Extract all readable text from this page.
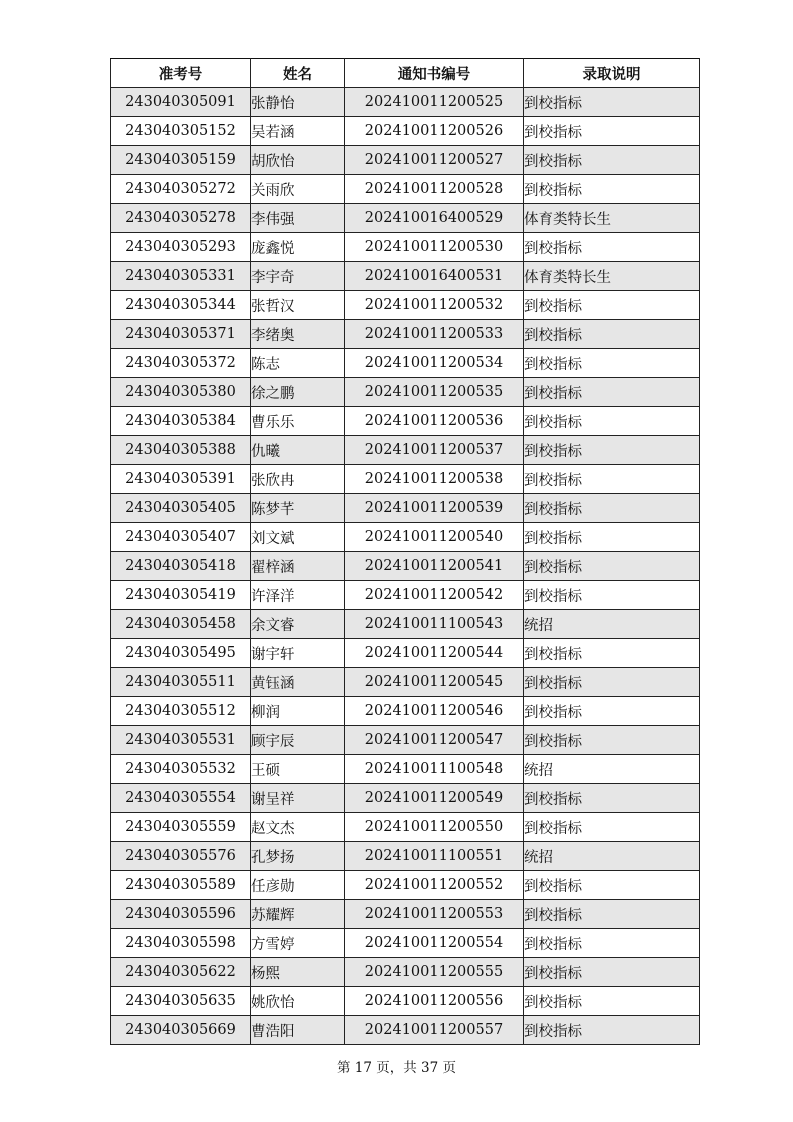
准考号	姓名	通知书编号	录取说明
243040305091	张静怡	202410011200525	到校指标
243040305152	吴若涵	202410011200526	到校指标
243040305159	胡欣怡	202410011200527	到校指标
243040305272	关雨欣	202410011200528	到校指标
243040305278	李伟强	202410016400529	体育类特长生
243040305293	庞鑫悦	202410011200530	到校指标
243040305331	李宇奇	202410016400531	体育类特长生
243040305344	张哲汉	202410011200532	到校指标
243040305371	李绪奥	202410011200533	到校指标
243040305372	陈志	202410011200534	到校指标
243040305380	徐之鹏	202410011200535	到校指标
243040305384	曹乐乐	202410011200536	到校指标
243040305388	仇曦	202410011200537	到校指标
243040305391	张欣冉	202410011200538	到校指标
243040305405	陈梦芊	202410011200539	到校指标
243040305407	刘文斌	202410011200540	到校指标
243040305418	翟梓涵	202410011200541	到校指标
243040305419	许泽洋	202410011200542	到校指标
243040305458	余文睿	202410011100543	统招
243040305495	谢宇轩	202410011200544	到校指标
243040305511	黄钰涵	202410011200545	到校指标
243040305512	柳润	202410011200546	到校指标
243040305531	顾宇辰	202410011200547	到校指标
243040305532	王硕	202410011100548	统招
243040305554	谢呈祥	202410011200549	到校指标
243040305559	赵文杰	202410011200550	到校指标
243040305576	孔梦扬	202410011100551	统招
243040305589	任彦勋	202410011200552	到校指标
243040305596	苏耀辉	202410011200553	到校指标
243040305598	方雪婷	202410011200554	到校指标
243040305622	杨熙	202410011200555	到校指标
243040305635	姚欣怡	202410011200556	到校指标
243040305669	曹浩阳	202410011200557	到校指标
第 17 页，共 37 页
